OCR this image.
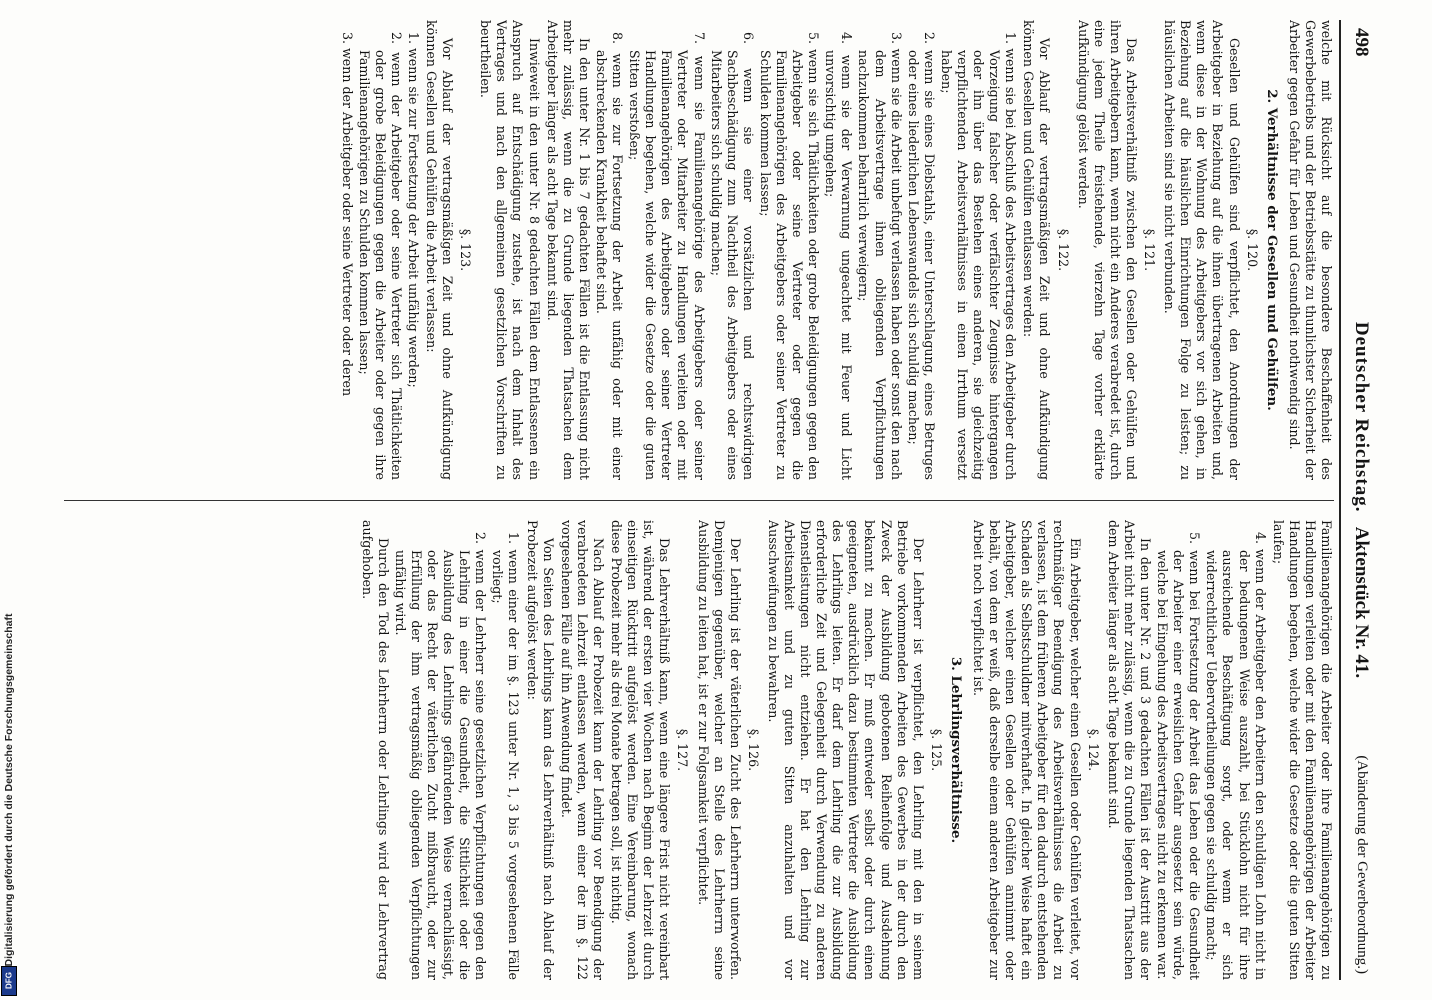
498
Deutscher Reichstag.   Aktenstück Nr. 41.
(Abänderung der Gewerbeordnung.)

welche mit Rücksicht auf die besondere Beschaffenheit des Gewerbebetriebs und der Betriebsstätte zu thunlichster Sicherheit der Arbeiter gegen Gefahr für Leben und Gesundheit nothwendig sind.

2. Verhältnisse der Gesellen und Gehülfen.
§. 120.

Gesellen und Gehülfen sind verpflichtet, den Anordnungen der Arbeitgeber in Beziehung auf die ihnen übertragenen Arbeiten und, wenn diese in der Wohnung des Arbeitgebers vor sich gehen, in Beziehung auf die häuslichen Einrichtungen Folge zu leisten; zu häuslichen Arbeiten sind sie nicht verbunden.

§. 121.

Das Arbeitsverhältniß zwischen den Gesellen oder Gehülfen und ihren Arbeitgebern kann, wenn nicht ein Anderes verabredet ist, durch eine jedem Theile freistehende, vierzehn Tage vorher erklärte Aufkündigung gelöst werden.

§. 122.

Vor Ablauf der vertragsmäßigen Zeit und ohne Aufkündigung können Gesellen und Gehülfen entlassen werden:

1. wenn sie bei Abschluß des Arbeitsvertrages den Arbeitgeber durch Vorzeigung falscher oder verfälschter Zeugnisse hintergangen oder ihn über das Bestehen eines anderen, sie gleichzeitig verpflichtenden Arbeitsverhältnisses in einen Irrthum versetzt haben;
2. wenn sie eines Diebstahls, einer Unterschlagung, eines Betruges oder eines liederlichen Lebenswandels sich schuldig machen;
3. wenn sie die Arbeit unbefugt verlassen haben oder sonst den nach dem Arbeitsvertrage ihnen obliegenden Verpflichtungen nachzukommen beharrlich verweigern;
4. wenn sie der Verwarnung ungeachtet mit Feuer und Licht unvorsichtig umgehen;
5. wenn sie sich Thätlichkeiten oder grobe Beleidigungen gegen den Arbeitgeber oder seine Vertreter oder gegen die Familienangehörigen des Arbeitgebers oder seiner Vertreter zu Schulden kommen lassen;
6. wenn sie einer vorsätzlichen und rechtswidrigen Sachbeschädigung zum Nachtheil des Arbeitgebers oder eines Mitarbeiters sich schuldig machen;
7. wenn sie Familienangehörige des Arbeitgebers oder seiner Vertreter oder Mitarbeiter zu Handlungen verleiten oder mit Familienangehörigen des Arbeitgebers oder seiner Vertreter Handlungen begehen, welche wider die Gesetze oder die guten Sitten verstoßen;
8. wenn sie zur Fortsetzung der Arbeit unfähig oder mit einer abschreckenden Krankheit behaftet sind.

In den unter Nr. 1 bis 7 gedachten Fällen ist die Entlassung nicht mehr zulässig, wenn die zu Grunde liegenden Thatsachen dem Arbeitgeber länger als acht Tage bekannt sind.

Inwieweit in den unter Nr. 8 gedachten Fällen dem Entlassenen ein Anspruch auf Entschädigung zustehe, ist nach dem Inhalt des Vertrages und nach den allgemeinen gesetzlichen Vorschriften zu beurtheilen.

§. 123.

Vor Ablauf der vertragsmäßigen Zeit und ohne Aufkündigung können Gesellen und Gehülfen die Arbeit verlassen:

1. wenn sie zur Fortsetzung der Arbeit unfähig werden;
2. wenn der Arbeitgeber oder seine Vertreter sich Thätlichkeiten oder grobe Beleidigungen gegen die Arbeiter oder gegen ihre Familienangehörigen zu Schulden kommen lassen;
3. wenn der Arbeitgeber oder seine Vertreter oder deren

Familienangehörigen die Arbeiter oder ihre Familienangehörigen zu Handlungen verleiten oder mit den Familienangehörigen der Arbeiter Handlungen begehen, welche wider die Gesetze oder die guten Sitten laufen;

4. wenn der Arbeitgeber den Arbeitern den schuldigen Lohn nicht in der bedungenen Weise auszahlt, bei Stücklohn nicht für ihre ausreichende Beschäftigung sorgt, oder wenn er sich widerrechtlicher Uebervortheilungen gegen sie schuldig macht;
5. wenn bei Fortsetzung der Arbeit das Leben oder die Gesundheit der Arbeiter einer erweislichen Gefahr ausgesetzt sein würde, welche bei Eingehung des Arbeitsvertrages nicht zu erkennen war.

In den unter Nr. 2 und 3 gedachten Fällen ist der Austritt aus der Arbeit nicht mehr zulässig, wenn die zu Grunde liegenden Thatsachen dem Arbeiter länger als acht Tage bekannt sind.

§. 124.

Ein Arbeitgeber, welcher einen Gesellen oder Gehülfen verleitet, vor rechtmäßiger Beendigung des Arbeitsverhältnisses die Arbeit zu verlassen, ist dem früheren Arbeitgeber für den dadurch entstehenden Schaden als Selbstschuldner mitverhaftet. In gleicher Weise haftet ein Arbeitgeber, welcher einen Gesellen oder Gehülfen annimmt oder behält, von dem er weiß, daß derselbe einem anderen Arbeitgeber zur Arbeit noch verpflichtet ist.

3. Lehrlingsverhältnisse.
§. 125.

Der Lehrherr ist verpflichtet, den Lehrling mit den in seinem Betriebe vorkommenden Arbeiten des Gewerbes in der durch den Zweck der Ausbildung gebotenen Reihenfolge und Ausdehnung bekannt zu machen. Er muß entweder selbst oder durch einen geeigneten, ausdrücklich dazu bestimmten Vertreter die Ausbildung des Lehrlings leiten. Er darf dem Lehrling die zur Ausbildung erforderliche Zeit und Gelegenheit durch Verwendung zu anderen Dienstleistungen nicht entziehen. Er hat den Lehrling zur Arbeitsamkeit und zu guten Sitten anzuhalten und vor Ausschweifungen zu bewahren.

§. 126.

Der Lehrling ist der väterlichen Zucht des Lehrherrn unterworfen. Demjenigen gegenüber, welcher an Stelle des Lehrherrn seine Ausbildung zu leiten hat, ist er zur Folgsamkeit verpflichtet.

§. 127.

Das Lehrverhältniß kann, wenn eine längere Frist nicht vereinbart ist, während der ersten vier Wochen nach Beginn der Lehrzeit durch einseitigen Rücktritt aufgelöst werden. Eine Vereinbarung, wonach diese Probezeit mehr als drei Monate betragen soll, ist nichtig.

Nach Ablauf der Probezeit kann der Lehrling vor Beendigung der verabredeten Lehrzeit entlassen werden, wenn einer der im §. 122 vorgesehenen Fälle auf ihn Anwendung findet.

Von Seiten des Lehrlings kann das Lehrverhältniß nach Ablauf der Probezeit aufgelöst werden:

1. wenn einer der im §. 123 unter Nr. 1, 3 bis 5 vorgesehenen Fälle vorliegt;
2. wenn der Lehrherr seine gesetzlichen Verpflichtungen gegen den Lehrling in einer die Gesundheit, die Sittlichkeit oder die Ausbildung des Lehrlings gefährdenden Weise vernachlässigt, oder das Recht der väterlichen Zucht mißbraucht, oder zur Erfüllung der ihm vertragsmäßig obliegenden Verpflichtungen unfähig wird.

Durch den Tod des Lehrherrn oder Lehrlings wird der Lehrvertrag aufgehoben.

Digitalisierung gefördert durch die Deutsche Forschungsgemeinschaft
DFG
